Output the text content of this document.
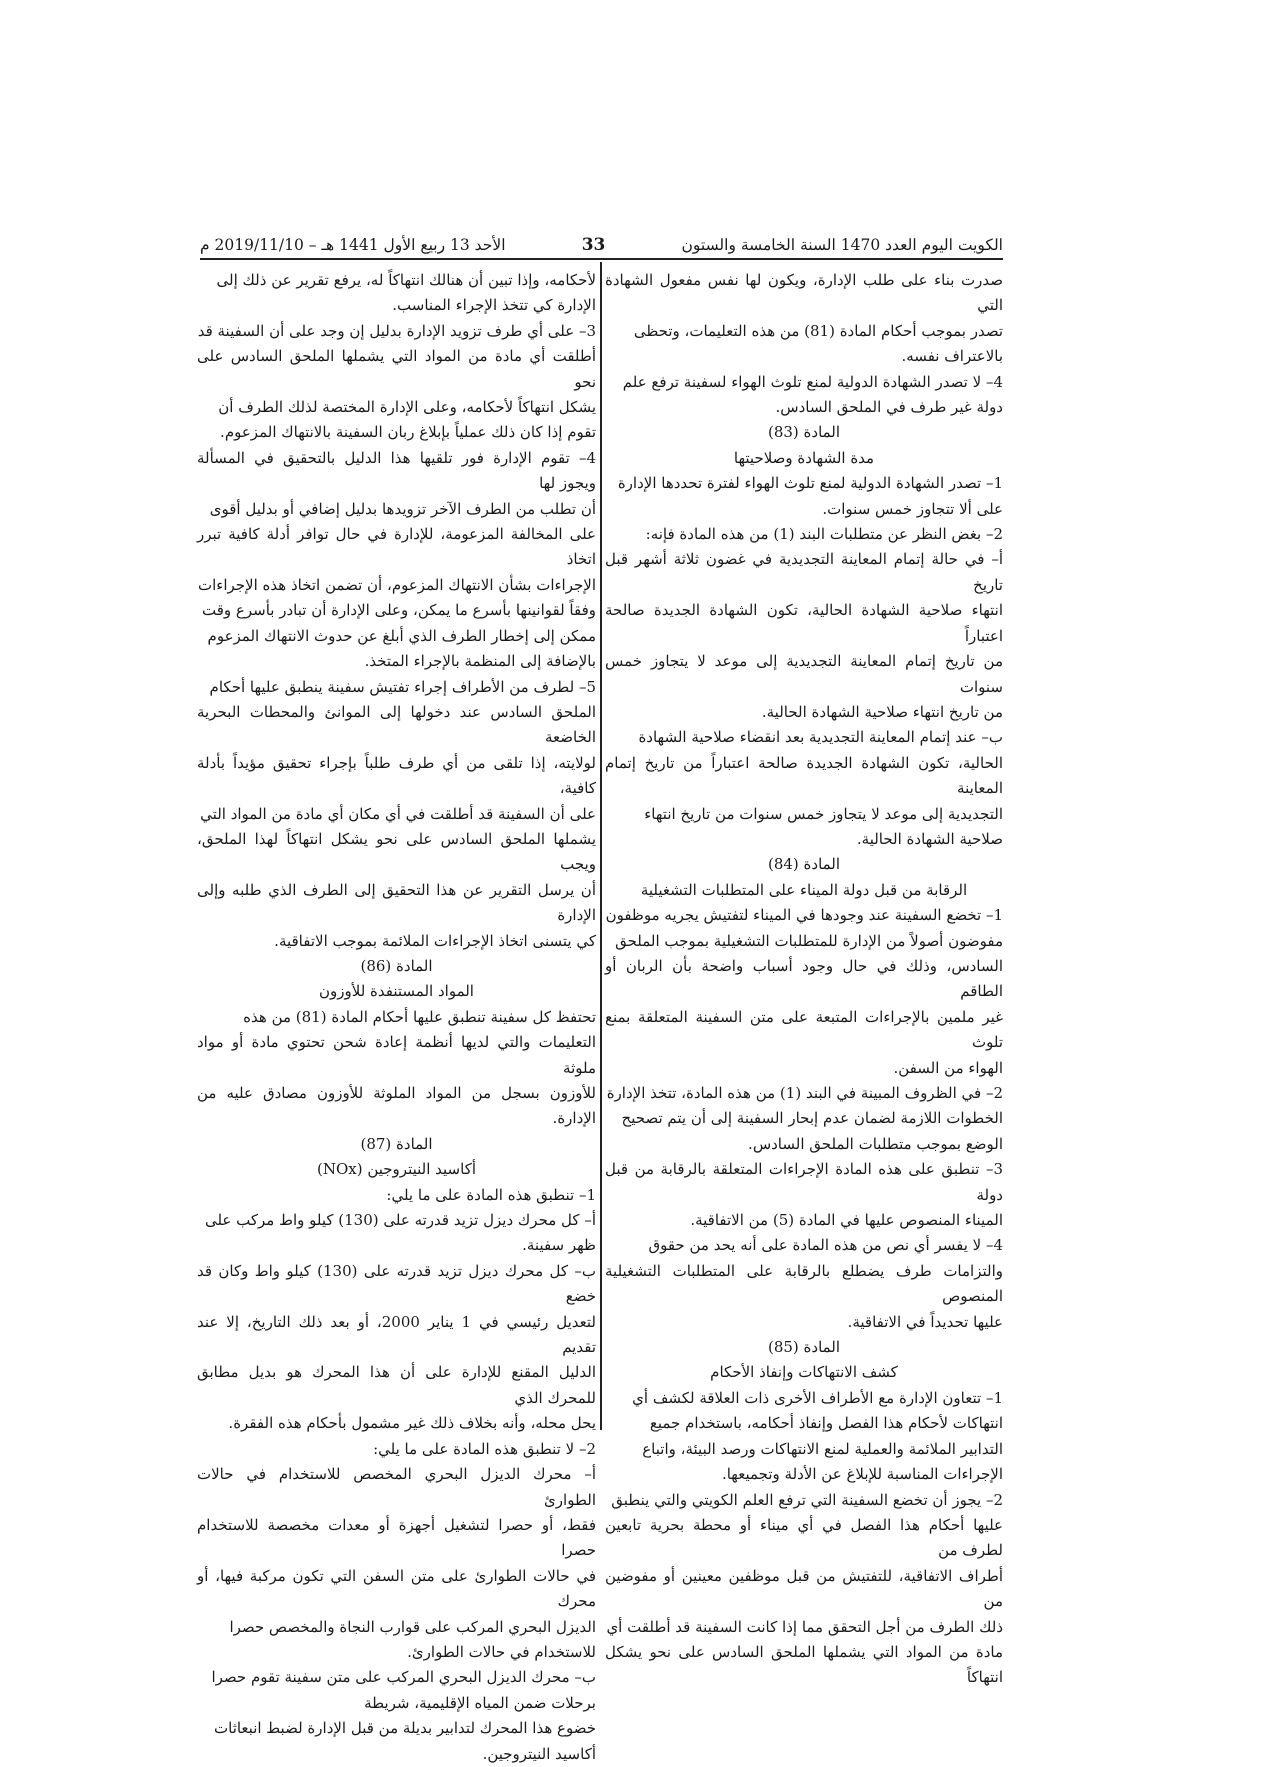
الكويت اليوم العدد 1470 السنة الخامسة والستون
33
الأحد 13 ربيع الأول 1441 هـ – 2019/11/10 م

صدرت بناء على طلب الإدارة، ويكون لها نفس مفعول الشهادة التي
تصدر بموجب أحكام المادة (81) من هذه التعليمات، وتحظى
بالاعتراف نفسه.

4– لا تصدر الشهادة الدولية لمنع تلوث الهواء لسفينة ترفع علم
دولة غير طرف في الملحق السادس.

المادة (83)

مدة الشهادة وصلاحيتها

1– تصدر الشهادة الدولية لمنع تلوث الهواء لفترة تحددها الإدارة
على ألا تتجاوز خمس سنوات.

2– بغض النظر عن متطلبات البند (1) من هذه المادة فإنه:

أ– في حالة إتمام المعاينة التجديدية في غضون ثلاثة أشهر قبل تاريخ
انتهاء صلاحية الشهادة الحالية، تكون الشهادة الجديدة صالحة اعتباراً
من تاريخ إتمام المعاينة التجديدية إلى موعد لا يتجاوز خمس سنوات
من تاريخ انتهاء صلاحية الشهادة الحالية.

ب– عند إتمام المعاينة التجديدية بعد انقضاء صلاحية الشهادة
الحالية، تكون الشهادة الجديدة صالحة اعتباراً من تاريخ إتمام المعاينة
التجديدية إلى موعد لا يتجاوز خمس سنوات من تاريخ انتهاء
صلاحية الشهادة الحالية.

المادة (84)

الرقابة من قبل دولة الميناء على المتطلبات التشغيلية

1– تخضع السفينة عند وجودها في الميناء لتفتيش يجريه موظفون
مفوضون أصولاً من الإدارة للمتطلبات التشغيلية بموجب الملحق
السادس، وذلك في حال وجود أسباب واضحة بأن الربان أو الطاقم
غير ملمين بالإجراءات المتبعة على متن السفينة المتعلقة بمنع تلوث
الهواء من السفن.

2– في الظروف المبينة في البند (1) من هذه المادة، تتخذ الإدارة
الخطوات اللازمة لضمان عدم إبحار السفينة إلى أن يتم تصحيح
الوضع بموجب متطلبات الملحق السادس.

3– تنطبق على هذه المادة الإجراءات المتعلقة بالرقابة من قبل دولة
الميناء المنصوص عليها في المادة (5) من الاتفاقية.

4– لا يفسر أي نص من هذه المادة على أنه يحد من حقوق
والتزامات طرف يضطلع بالرقابة على المتطلبات التشغيلية المنصوص
عليها تحديداً في الاتفاقية.

المادة (85)

كشف الانتهاكات وإنفاذ الأحكام

1– تتعاون الإدارة مع الأطراف الأخرى ذات العلاقة لكشف أي
انتهاكات لأحكام هذا الفصل وإنفاذ أحكامه، باستخدام جميع
التدابير الملائمة والعملية لمنع الانتهاكات ورصد البيئة، واتباع
الإجراءات المناسبة للإبلاغ عن الأدلة وتجميعها.

2– يجوز أن تخضع السفينة التي ترفع العلم الكويتي والتي ينطبق
عليها أحكام هذا الفصل في أي ميناء أو محطة بحرية تابعين لطرف من
أطراف الاتفاقية، للتفتيش من قبل موظفين معينين أو مفوضين من
ذلك الطرف من أجل التحقق مما إذا كانت السفينة قد أطلقت أي
مادة من المواد التي يشملها الملحق السادس على نحو يشكل انتهاكاً

لأحكامه، وإذا تبين أن هنالك انتهاكاً له، يرفع تقرير عن ذلك إلى
الإدارة كي تتخذ الإجراء المناسب.

3– على أي طرف تزويد الإدارة بدليل إن وجد على أن السفينة قد
أطلقت أي مادة من المواد التي يشملها الملحق السادس على نحو
يشكل انتهاكاً لأحكامه، وعلى الإدارة المختصة لذلك الطرف أن
تقوم إذا كان ذلك عملياً بإبلاغ ربان السفينة بالانتهاك المزعوم.

4– تقوم الإدارة فور تلقيها هذا الدليل بالتحقيق في المسألة ويجوز لها
أن تطلب من الطرف الآخر تزويدها بدليل إضافي أو بدليل أقوى
على المخالفة المزعومة، للإدارة في حال توافر أدلة كافية تبرر اتخاذ
الإجراءات بشأن الانتهاك المزعوم، أن تضمن اتخاذ هذه الإجراءات
وفقاً لقوانينها بأسرع ما يمكن، وعلى الإدارة أن تبادر بأسرع وقت
ممكن إلى إخطار الطرف الذي أبلغ عن حدوث الانتهاك المزعوم
بالإضافة إلى المنظمة بالإجراء المتخذ.

5– لطرف من الأطراف إجراء تفتيش سفينة ينطبق عليها أحكام
الملحق السادس عند دخولها إلى الموانئ والمحطات البحرية الخاضعة
لولايته، إذا تلقى من أي طرف طلباً بإجراء تحقيق مؤيداً بأدلة كافية،
على أن السفينة قد أطلقت في أي مكان أي مادة من المواد التي
يشملها الملحق السادس على نحو يشكل انتهاكاً لهذا الملحق، ويجب
أن يرسل التقرير عن هذا التحقيق إلى الطرف الذي طلبه وإلى الإدارة
كي يتسنى اتخاذ الإجراءات الملائمة بموجب الاتفاقية.

المادة (86)

المواد المستنفدة للأوزون

تحتفظ كل سفينة تنطبق عليها أحكام المادة (81) من هذه
التعليمات والتي لديها أنظمة إعادة شحن تحتوي مادة أو مواد ملوثة
للأوزون بسجل من المواد الملوثة للأوزون مصادق عليه من الإدارة.

المادة (87)

أكاسيد النيتروجين (NOx)

1– تنطبق هذه المادة على ما يلي:

أ– كل محرك ديزل تزيد قدرته على (130) كيلو واط مركب على
ظهر سفينة.

ب– كل محرك ديزل تزيد قدرته على (130) كيلو واط وكان قد خضع
لتعديل رئيسي في 1 يناير 2000، أو بعد ذلك التاريخ، إلا عند تقديم
الدليل المقنع للإدارة على أن هذا المحرك هو بديل مطابق للمحرك الذي
يحل محله، وأنه بخلاف ذلك غير مشمول بأحكام هذه الفقرة.

2– لا تنطبق هذه المادة على ما يلي:

أ– محرك الديزل البحري المخصص للاستخدام في حالات الطوارئ
فقط، أو حصرا لتشغيل أجهزة أو معدات مخصصة للاستخدام حصرا
في حالات الطوارئ على متن السفن التي تكون مركبة فيها، أو محرك
الديزل البحري المركب على قوارب النجاة والمخصص حصرا
للاستخدام في حالات الطوارئ.

ب– محرك الديزل البحري المركب على متن سفينة تقوم حصرا
برحلات ضمن المياه الإقليمية، شريطة
خضوع هذا المحرك لتدابير بديلة من قبل الإدارة لضبط انبعاثات
أكاسيد النيتروجين.
